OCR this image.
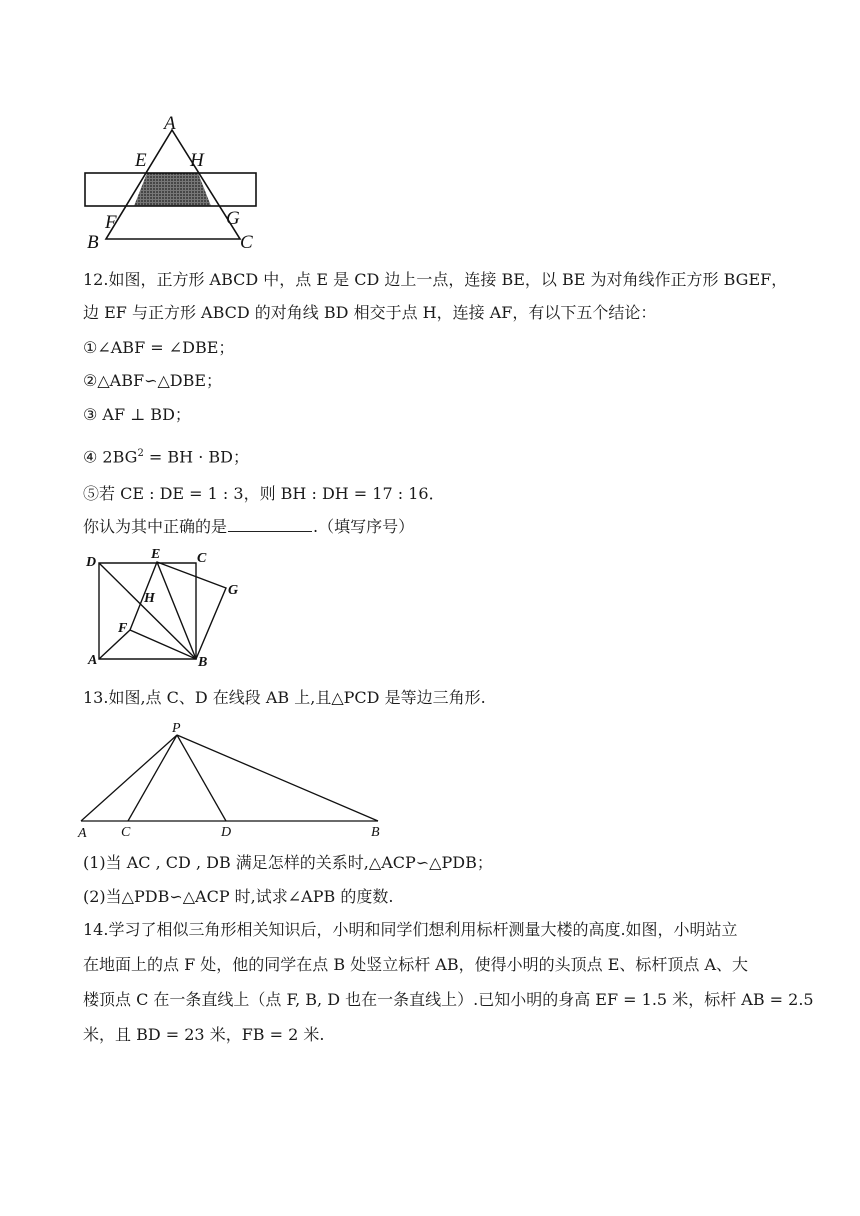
A
E H
F	G
B	C
12.如图，正方形 ABCD 中，点 E 是 CD 边上一点，连接 BE，以 BE 为对角线作正方形 BGEF，
边 EF 与正方形 ABCD 的对角线 BD 相交于点 H，连接 AF，有以下五个结论：
①∠ABF = ∠DBE；
②△ABF∽△DBE；
③ AF ⊥ BD；
④ $2BG^2$ = BH · BD；
⑤若 CE : DE = 1 : 3，则 BH : DH = 17 : 16．
你认为其中正确的是	.（填写序号）
D
E	C
G
H
F
A	B
13.如图,点 C、D 在线段 AB 上,且△PCD 是等边三角形.
P
A C	D	B
(1)当 AC , CD , DB 满足怎样的关系时,△ACP∽△PDB；
(2)当△PDB∽△ACP 时,试求∠APB 的度数.
14.学习了相似三角形相关知识后，小明和同学们想利用标杆测量大楼的高度.如图，小明站立
在地面上的点 F 处，他的同学在点 B 处竖立标杆 AB，使得小明的头顶点 E、标杆顶点 A、大
楼顶点 C 在一条直线上（点 F, B, D 也在一条直线上）.已知小明的身高 EF = 1.5 米，标杆 AB = 2.5
米，且 BD = 23 米，FB = 2 米.
